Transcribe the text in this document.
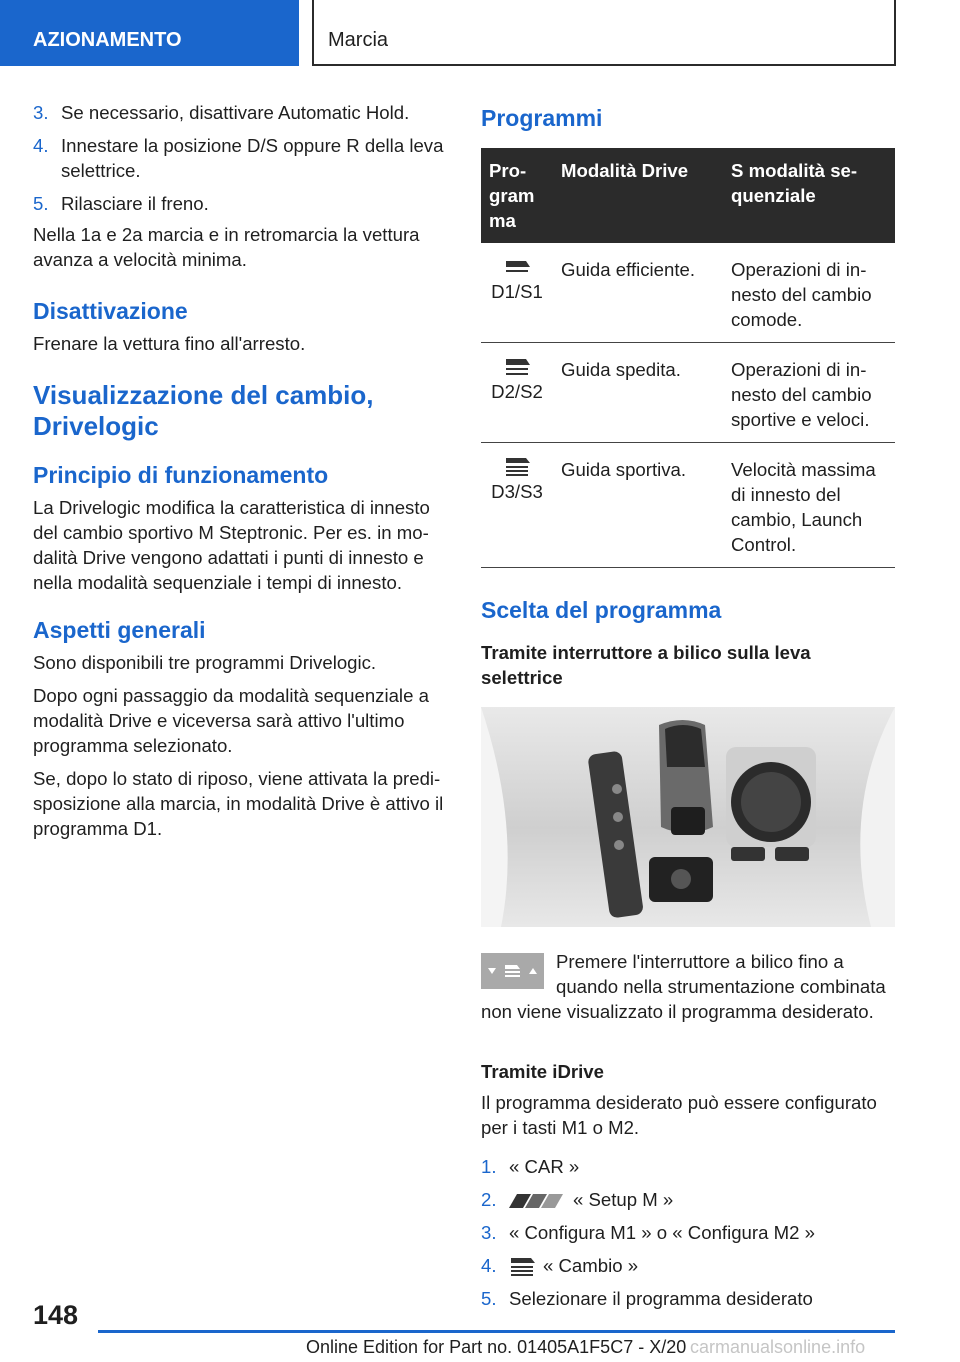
AZIONAMENTO	Marcia
3. Se necessario, disattivare Automatic Hold.
4. Innestare la posizione D/S oppure R della leva selettrice.
5. Rilasciare il freno.

Nella 1a e 2a marcia e in retromarcia la vettura avanza a velocità minima.

Disattivazione

Frenare la vettura fino all'arresto.

Visualizzazione del cambio, Drivelogic
Principio di funzionamento

La Drivelogic modifica la caratteristica di innesto del cambio sportivo M Steptronic. Per es. in mo-dalità Drive vengono adattati i punti di innesto e nella modalità sequenziale i tempi di innesto.

Aspetti generali

Sono disponibili tre programmi Drivelogic.

Dopo ogni passaggio da modalità sequenziale a modalità Drive e viceversa sarà attivo l'ultimo programma selezionato.

Se, dopo lo stato di riposo, viene attivata la predi-sposizione alla marcia, in modalità Drive è attivo il programma D1.

Programmi
Pro-gram ma	Modalità Drive	S modalità se-quenziale

D1/S1	Guida efficiente.	Operazioni di in-nesto del cambio comode.

D2/S2	Guida spedita.	Operazioni di in-nesto del cambio sportive e veloci.

D3/S3	Guida sportiva.	Velocità massima di innesto del cambio, Launch Control.
Scelta del programma
Tramite interruttore a bilico sulla leva selettrice

Premere l'interruttore a bilico fino a quando nella strumentazione combinata non viene visualizzato il programma desiderato.

Tramite iDrive

Il programma desiderato può essere configurato per i tasti M1 o M2.

1. « CAR »
2.	« Setup M »
3. « Configura M1 » o « Configura M2 »
4.	« Cambio »
5. Selezionare il programma desiderato
148
Online Edition for Part no. 01405A1F5C7 - X/20 carmanualsonline.info
